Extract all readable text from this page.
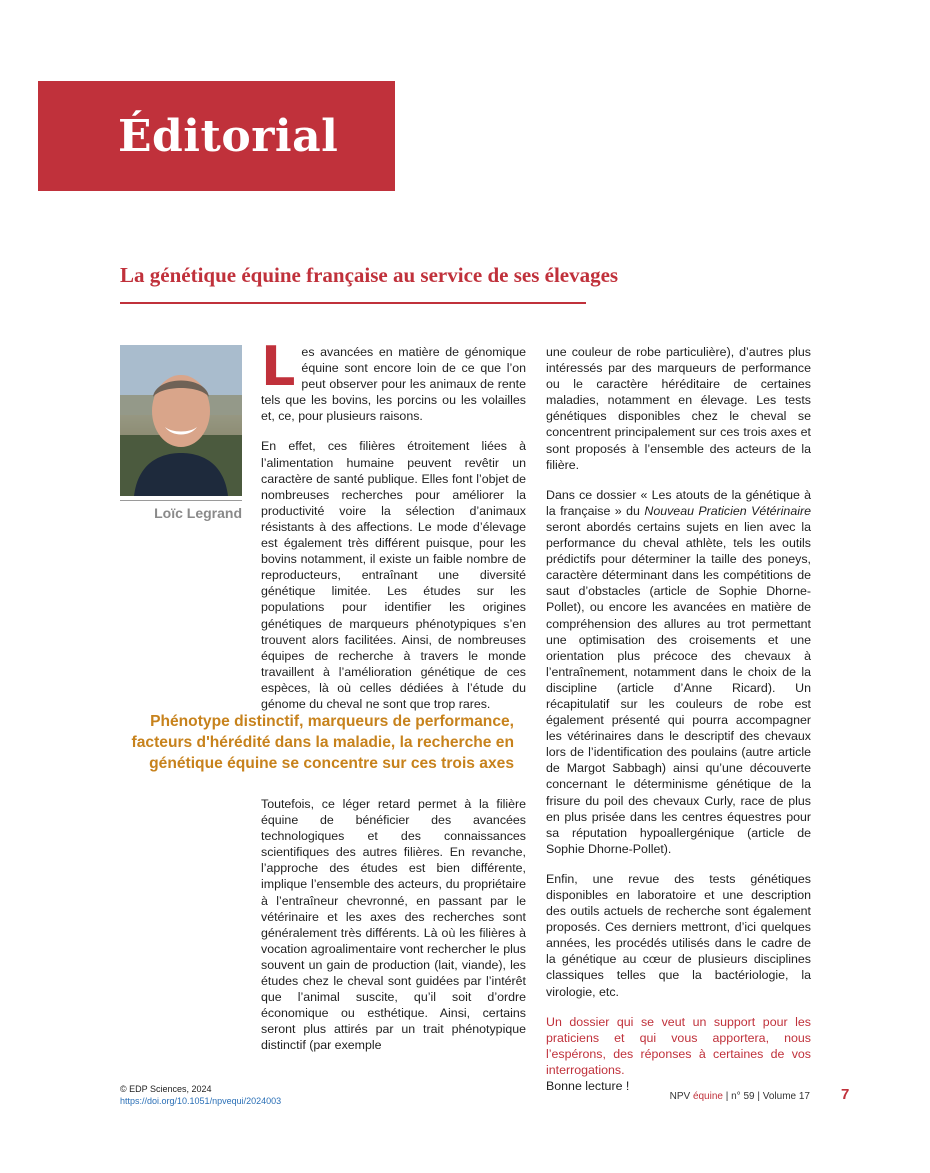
Éditorial
La génétique équine française au service de ses élevages
Loïc Legrand

Les avancées en matière de génomique équine sont encore loin de ce que l’on peut observer pour les animaux de rente tels que les bovins, les porcins ou les volailles et, ce, pour plusieurs raisons.

En effet, ces filières étroitement liées à l’alimentation humaine peuvent revêtir un caractère de santé publique. Elles font l’objet de nombreuses recherches pour améliorer la productivité voire la sélection d’animaux résistants à des affections. Le mode d’élevage est également très différent puisque, pour les bovins notamment, il existe un faible nombre de reproducteurs, entraînant une diversité génétique limitée. Les études sur les populations pour identifier les origines génétiques de marqueurs phénotypiques s’en trouvent alors facilitées. Ainsi, de nombreuses équipes de recherche à travers le monde travaillent à l’amélioration génétique de ces espèces, là où celles dédiées à l’étude du génome du cheval ne sont que trop rares.

Phénotype distinctif, marqueurs de performance, facteurs d'hérédité dans la maladie, la recherche en génétique équine se concentre sur ces trois axes

Toutefois, ce léger retard permet à la filière équine de bénéficier des avancées technologiques et des connaissances scientifiques des autres filières. En revanche, l’approche des études est bien différente, implique l’ensemble des acteurs, du propriétaire à l’entraîneur chevronné, en passant par le vétérinaire et les axes des recherches sont généralement très différents. Là où les filières à vocation agroalimentaire vont rechercher le plus souvent un gain de production (lait, viande), les études chez le cheval sont guidées par l’intérêt que l’animal suscite, qu’il soit d’ordre économique ou esthétique. Ainsi, certains seront plus attirés par un trait phénotypique distinctif (par exemple

une couleur de robe particulière), d’autres plus intéressés par des marqueurs de performance ou le caractère héréditaire de certaines maladies, notamment en élevage. Les tests génétiques disponibles chez le cheval se concentrent principalement sur ces trois axes et sont proposés à l’ensemble des acteurs de la filière.

Dans ce dossier « Les atouts de la génétique à la française » du Nouveau Praticien Vétérinaire seront abordés certains sujets en lien avec la performance du cheval athlète, tels les outils prédictifs pour déterminer la taille des poneys, caractère déterminant dans les compétitions de saut d’obstacles (article de Sophie Dhorne-Pollet), ou encore les avancées en matière de compréhension des allures au trot permettant une optimisation des croisements et une orientation plus précoce des chevaux à l’entraînement, notamment dans le choix de la discipline (article d’Anne Ricard). Un récapitulatif sur les couleurs de robe est également présenté qui pourra accompagner les vétérinaires dans le descriptif des chevaux lors de l’identification des poulains (autre article de Margot Sabbagh) ainsi qu’une découverte concernant le déterminisme génétique de la frisure du poil des chevaux Curly, race de plus en plus prisée dans les centres équestres pour sa réputation hypoallergénique (article de Sophie Dhorne-Pollet).

Enfin, une revue des tests génétiques disponibles en laboratoire et une description des outils actuels de recherche sont également proposés. Ces derniers mettront, d’ici quelques années, les procédés utilisés dans le cadre de la génétique au cœur de plusieurs disciplines classiques telles que la bactériologie, la virologie, etc.

Un dossier qui se veut un support pour les praticiens et qui vous apportera, nous l’espérons, des réponses à certaines de vos interrogations.
Bonne lecture !

© EDP Sciences, 2024
https://doi.org/10.1051/npvequi/2024003	NPV équine | n° 59 | Volume 17 7
